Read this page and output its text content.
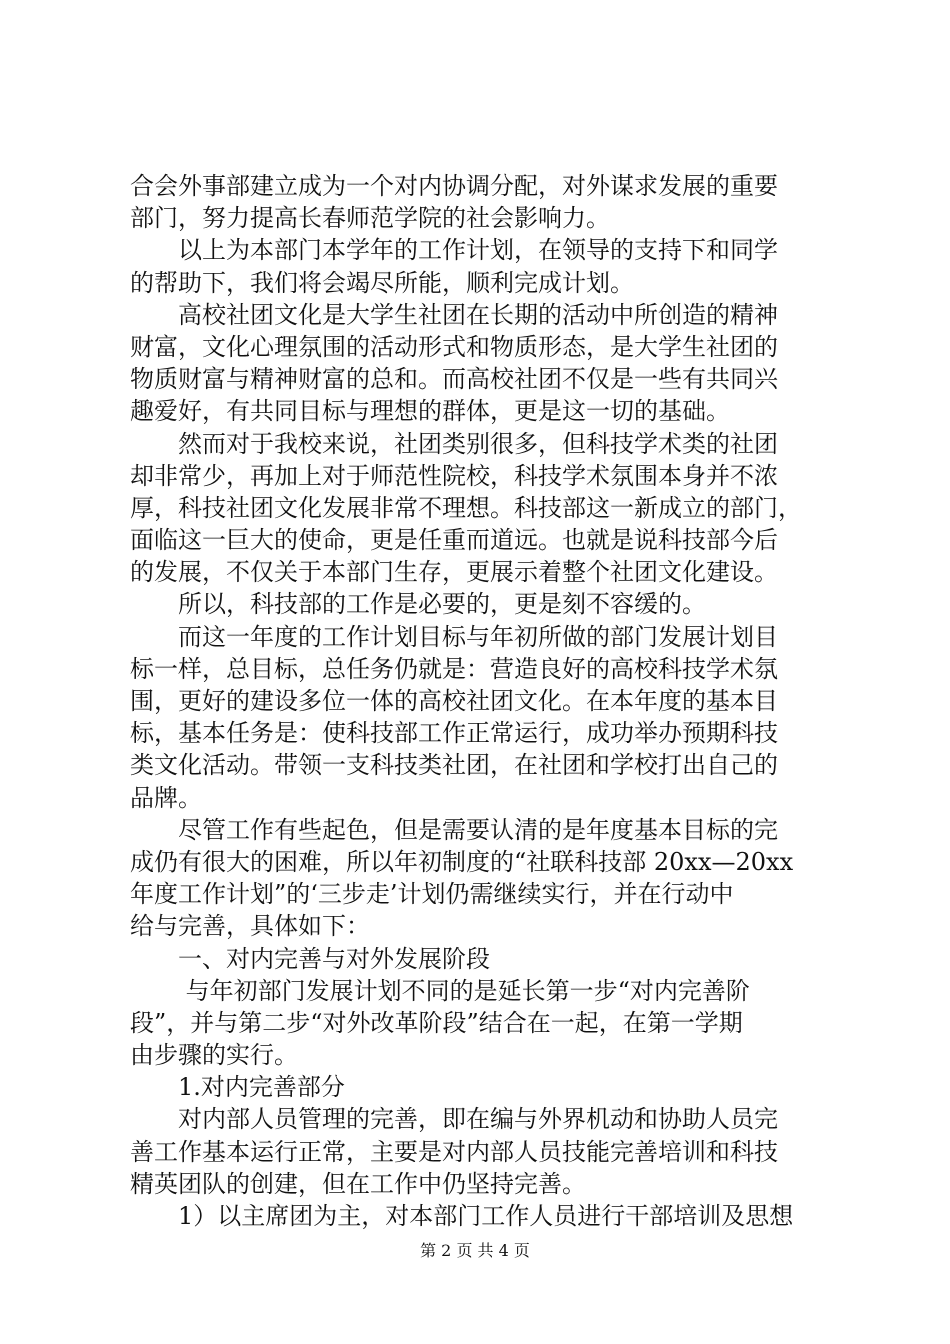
合会外事部建立成为一个对内协调分配，对外谋求发展的重要
部门，努力提高长春师范学院的社会影响力。
　　以上为本部门本学年的工作计划，在领导的支持下和同学
的帮助下，我们将会竭尽所能，顺利完成计划。
　　高校社团文化是大学生社团在长期的活动中所创造的精神
财富，文化心理氛围的活动形式和物质形态，是大学生社团的
物质财富与精神财富的总和。而高校社团不仅是一些有共同兴
趣爱好，有共同目标与理想的群体，更是这一切的基础。
　　然而对于我校来说，社团类别很多，但科技学术类的社团
却非常少，再加上对于师范性院校，科技学术氛围本身并不浓
厚，科技社团文化发展非常不理想。科技部这一新成立的部门，
面临这一巨大的使命，更是任重而道远。也就是说科技部今后
的发展，不仅关于本部门生存，更展示着整个社团文化建设。
　　所以，科技部的工作是必要的，更是刻不容缓的。
　　而这一年度的工作计划目标与年初所做的部门发展计划目
标一样，总目标，总任务仍就是：营造良好的高校科技学术氛
围，更好的建设多位一体的高校社团文化。在本年度的基本目
标，基本任务是：使科技部工作正常运行，成功举办预期科技
类文化活动。带领一支科技类社团，在社团和学校打出自己的
品牌。
　　尽管工作有些起色，但是需要认清的是年度基本目标的完
成仍有很大的困难，所以年初制度的“社联科技部 20xx—20xx
年度工作计划”的‘三步走’计划仍需继续实行，并在行动中
给与完善，具体如下：
　　一、对内完善与对外发展阶段
　　 与年初部门发展计划不同的是延长第一步“对内完善阶
段”，并与第二步“对外改革阶段”结合在一起，在第一学期
由步骤的实行。
　　1.对内完善部分
　　对内部人员管理的完善，即在编与外界机动和协助人员完
善工作基本运行正常，主要是对内部人员技能完善培训和科技
精英团队的创建，但在工作中仍坚持完善。
　　1）以主席团为主，对本部门工作人员进行干部培训及思想
第 2 页 共 4 页
